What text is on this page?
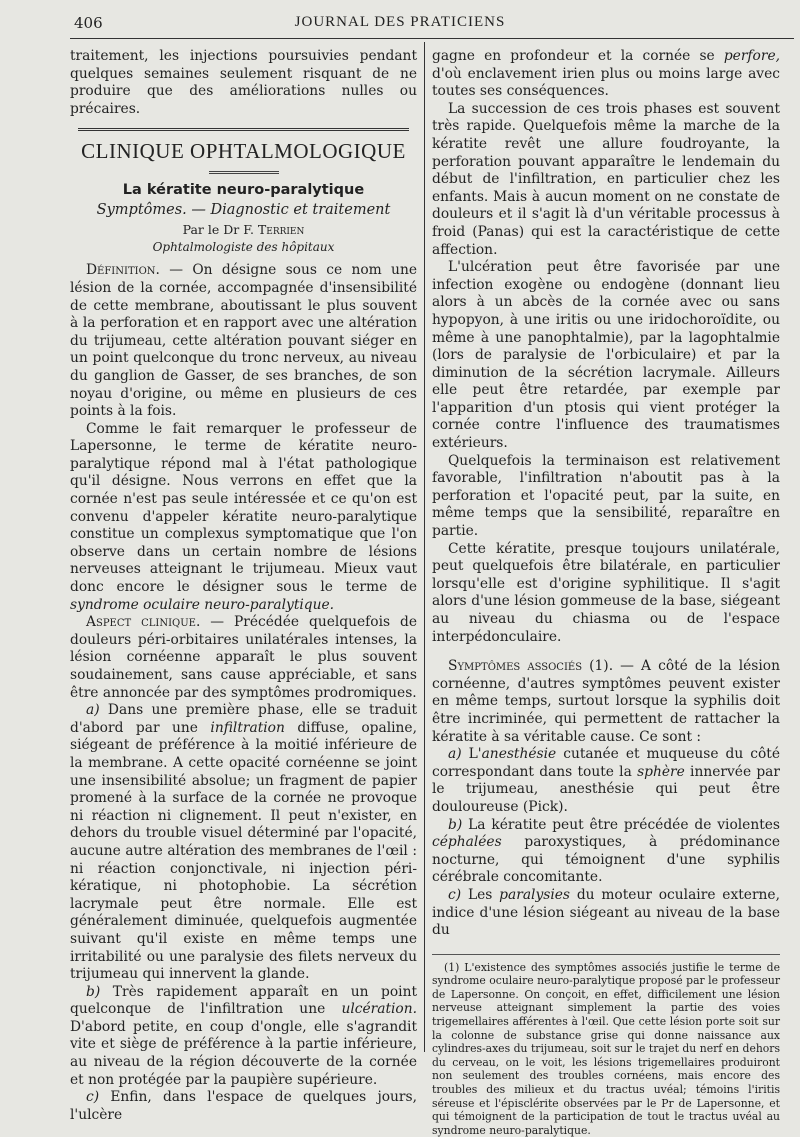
406	JOURNAL DES PRATICIENS

traitement, les injections poursuivies pendant quelques semaines seulement risquant de ne produire que des améliorations nulles ou précaires.

CLINIQUE OPHTALMOLOGIQUE
La kératite neuro-paralytique
Symptômes. — Diagnostic et traitement
Par le Dr F. Terrien
Ophtalmologiste des hôpitaux

Définition. — On désigne sous ce nom une lésion de la cornée, accompagnée d'insensibilité de cette membrane, aboutissant le plus souvent à la perforation et en rapport avec une altération du trijumeau, cette altération pouvant siéger en un point quelconque du tronc nerveux, au niveau du ganglion de Gasser, de ses branches, de son noyau d'origine, ou même en plusieurs de ces points à la fois.

Comme le fait remarquer le professeur de Lapersonne, le terme de kératite neuro-paralytique répond mal à l'état pathologique qu'il désigne. Nous verrons en effet que la cornée n'est pas seule intéressée et ce qu'on est convenu d'appeler kératite neuro-paralytique constitue un complexus symptomatique que l'on observe dans un certain nombre de lésions nerveuses atteignant le trijumeau. Mieux vaut donc encore le désigner sous le terme de syndrome oculaire neuro-paralytique.

Aspect clinique. — Précédée quelquefois de douleurs péri-orbitaires unilatérales intenses, la lésion cornéenne apparaît le plus souvent soudainement, sans cause appréciable, et sans être annoncée par des symptômes prodromiques.

a) Dans une première phase, elle se traduit d'abord par une infiltration diffuse, opaline, siégeant de préférence à la moitié inférieure de la membrane. A cette opacité cornéenne se joint une insensibilité absolue; un fragment de papier promené à la surface de la cornée ne provoque ni réaction ni clignement. Il peut n'exister, en dehors du trouble visuel déterminé par l'opacité, aucune autre altération des membranes de l'œil : ni réaction conjonctivale, ni injection péri-kératique, ni photophobie. La sécrétion lacrymale peut être normale. Elle est généralement diminuée, quelquefois augmentée suivant qu'il existe en même temps une irritabilité ou une paralysie des filets nerveux du trijumeau qui innervent la glande.

b) Très rapidement apparaît en un point quelconque de l'infiltration une ulcération. D'abord petite, en coup d'ongle, elle s'agrandit vite et siège de préférence à la partie inférieure, au niveau de la région découverte de la cornée et non protégée par la paupière supérieure.

c) Enfin, dans l'espace de quelques jours, l'ulcère

gagne en profondeur et la cornée se perfore, d'où enclavement irien plus ou moins large avec toutes ses conséquences.

La succession de ces trois phases est souvent très rapide. Quelquefois même la marche de la kératite revêt une allure foudroyante, la perforation pouvant apparaître le lendemain du début de l'infiltration, en particulier chez les enfants. Mais à aucun moment on ne constate de douleurs et il s'agit là d'un véritable processus à froid (Panas) qui est la caractéristique de cette affection.

L'ulcération peut être favorisée par une infection exogène ou endogène (donnant lieu alors à un abcès de la cornée avec ou sans hypopyon, à une iritis ou une iridochoroïdite, ou même à une panophtalmie), par la lagophtalmie (lors de paralysie de l'orbiculaire) et par la diminution de la sécrétion lacrymale. Ailleurs elle peut être retardée, par exemple par l'apparition d'un ptosis qui vient protéger la cornée contre l'influence des traumatismes extérieurs.

Quelquefois la terminaison est relativement favorable, l'infiltration n'aboutit pas à la perforation et l'opacité peut, par la suite, en même temps que la sensibilité, reparaître en partie.

Cette kératite, presque toujours unilatérale, peut quelquefois être bilatérale, en particulier lorsqu'elle est d'origine syphilitique. Il s'agit alors d'une lésion gommeuse de la base, siégeant au niveau du chiasma ou de l'espace interpédonculaire.

Symptômes associés (1). — A côté de la lésion cornéenne, d'autres symptômes peuvent exister en même temps, surtout lorsque la syphilis doit être incriminée, qui permettent de rattacher la kératite à sa véritable cause. Ce sont :

a) L'anesthésie cutanée et muqueuse du côté correspondant dans toute la sphère innervée par le trijumeau, anesthésie qui peut être douloureuse (Pick).

b) La kératite peut être précédée de violentes céphalées paroxystiques, à prédominance nocturne, qui témoignent d'une syphilis cérébrale concomitante.

c) Les paralysies du moteur oculaire externe, indice d'une lésion siégeant au niveau de la base du

(1) L'existence des symptômes associés justifie le terme de syndrome oculaire neuro-paralytique proposé par le professeur de Lapersonne. On conçoit, en effet, difficilement une lésion nerveuse atteignant simplement la partie des voies trigemellaires afférentes à l'œil. Que cette lésion porte soit sur la colonne de substance grise qui donne naissance aux cylindres-axes du trijumeau, soit sur le trajet du nerf en dehors du cerveau, on le voit, les lésions trigemellaires produiront non seulement des troubles cornéens, mais encore des troubles des milieux et du tractus uvéal; témoins l'iritis séreuse et l'épisclérite observées par le Pr de Lapersonne, et qui témoignent de la participation de tout le tractus uvéal au syndrome neuro-paralytique.
